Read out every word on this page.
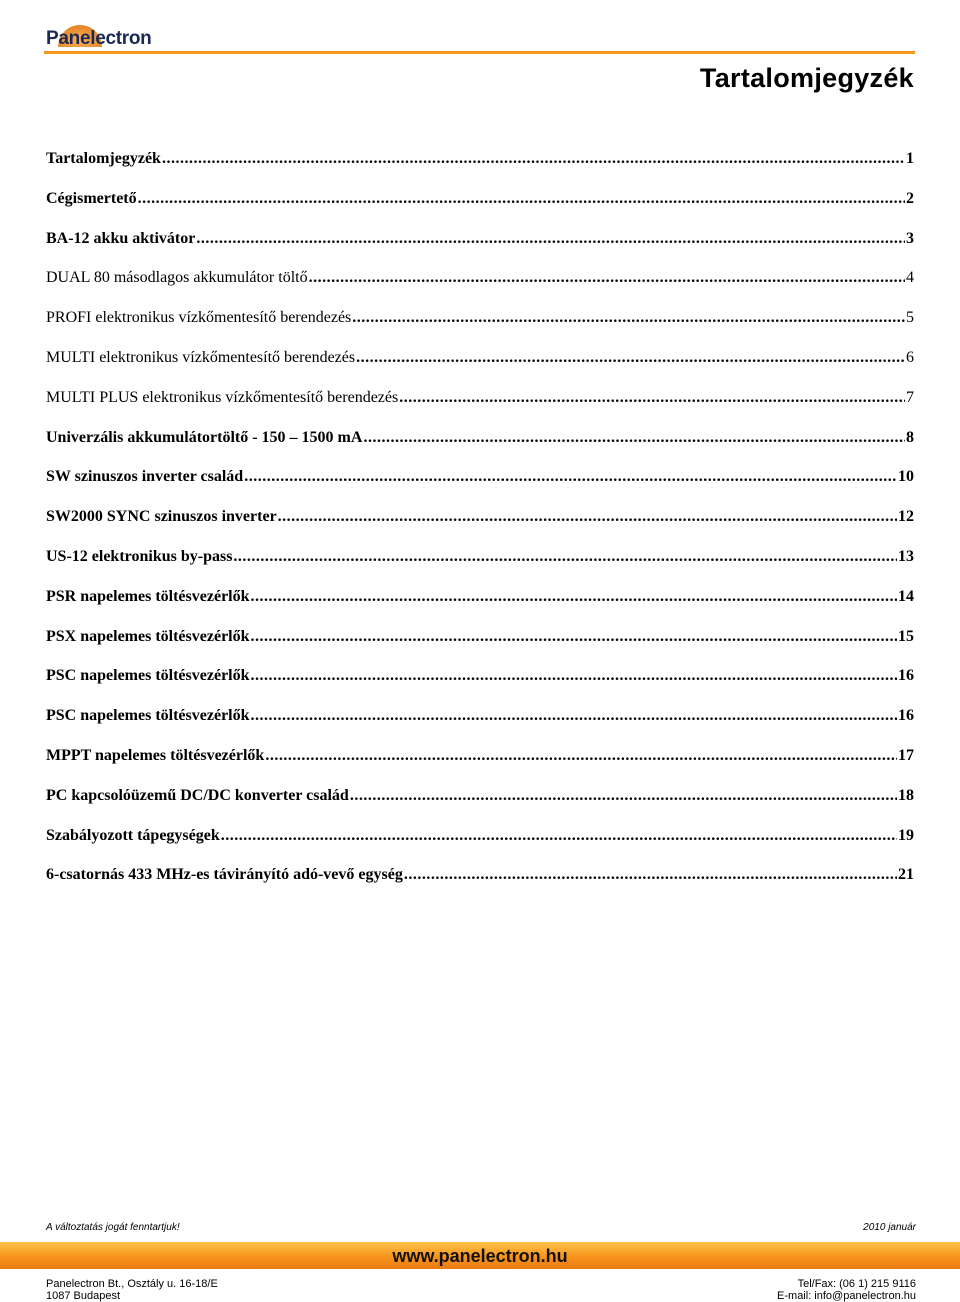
Panelectron
Tartalomjegyzék
Tartalomjegyzék .....	1
Cégismertető .....	2
BA-12 akku aktivátor .....	3
DUAL 80 másodlagos akkumulátor töltő .....	4
PROFI elektronikus vízkőmentesítő berendezés .....	5
MULTI elektronikus vízkőmentesítő berendezés .....	6
MULTI PLUS elektronikus vízkőmentesítő berendezés .....	7
Univerzális akkumulátortöltő - 150 – 1500 mA .....	8
SW szinuszos inverter család .....	10
SW2000 SYNC szinuszos inverter .....	12
US-12 elektronikus by-pass .....	13
PSR napelemes töltésvezérlők .....	14
PSX napelemes töltésvezérlők .....	15
PSC napelemes töltésvezérlők .....	16
PSC napelemes töltésvezérlők .....	16
MPPT napelemes töltésvezérlők .....	17
PC kapcsolóüzemű DC/DC konverter család .....	18
Szabályozott tápegységek .....	19
6-csatornás 433 MHz-es távirányító adó-vevő egység .....	21
A változtatás jogát fenntartjuk!	2010 január
www.panelectron.hu
Panelectron Bt., Osztály u. 16-18/E
1087 Budapest
Tel/Fax: (06 1) 215 9116
E-mail: info@panelectron.hu
